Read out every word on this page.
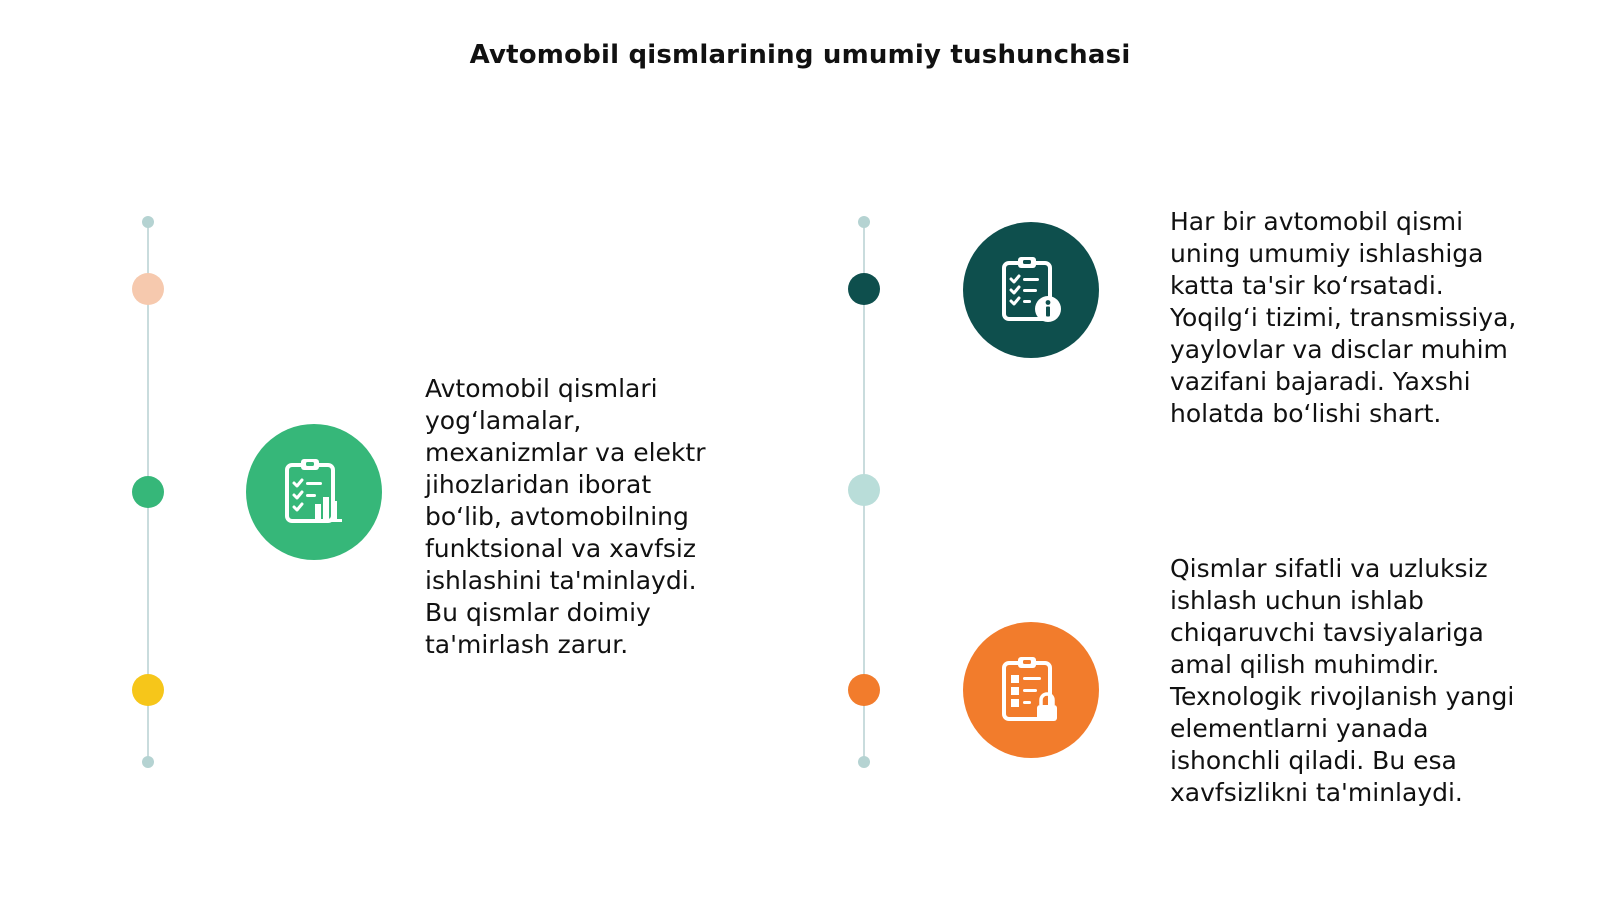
Avtomobil qismlarining umumiy tushunchasi
Avtomobil qismlari
yog‘lamalar,
mexanizmlar va elektr
jihozlaridan iborat
bo‘lib, avtomobilning
funktsional va xavfsiz
ishlashini ta'minlaydi.
Bu qismlar doimiy
ta'mirlash zarur.
Har bir avtomobil qismi
uning umumiy ishlashiga
katta ta'sir ko‘rsatadi.
Yoqilg‘i tizimi, transmissiya,
yaylovlar va disclar muhim
vazifani bajaradi. Yaxshi
holatda bo‘lishi shart.
Qismlar sifatli va uzluksiz
ishlash uchun ishlab
chiqaruvchi tavsiyalariga
amal qilish muhimdir.
Texnologik rivojlanish yangi
elementlarni yanada
ishonchli qiladi. Bu esa
xavfsizlikni ta'minlaydi.
